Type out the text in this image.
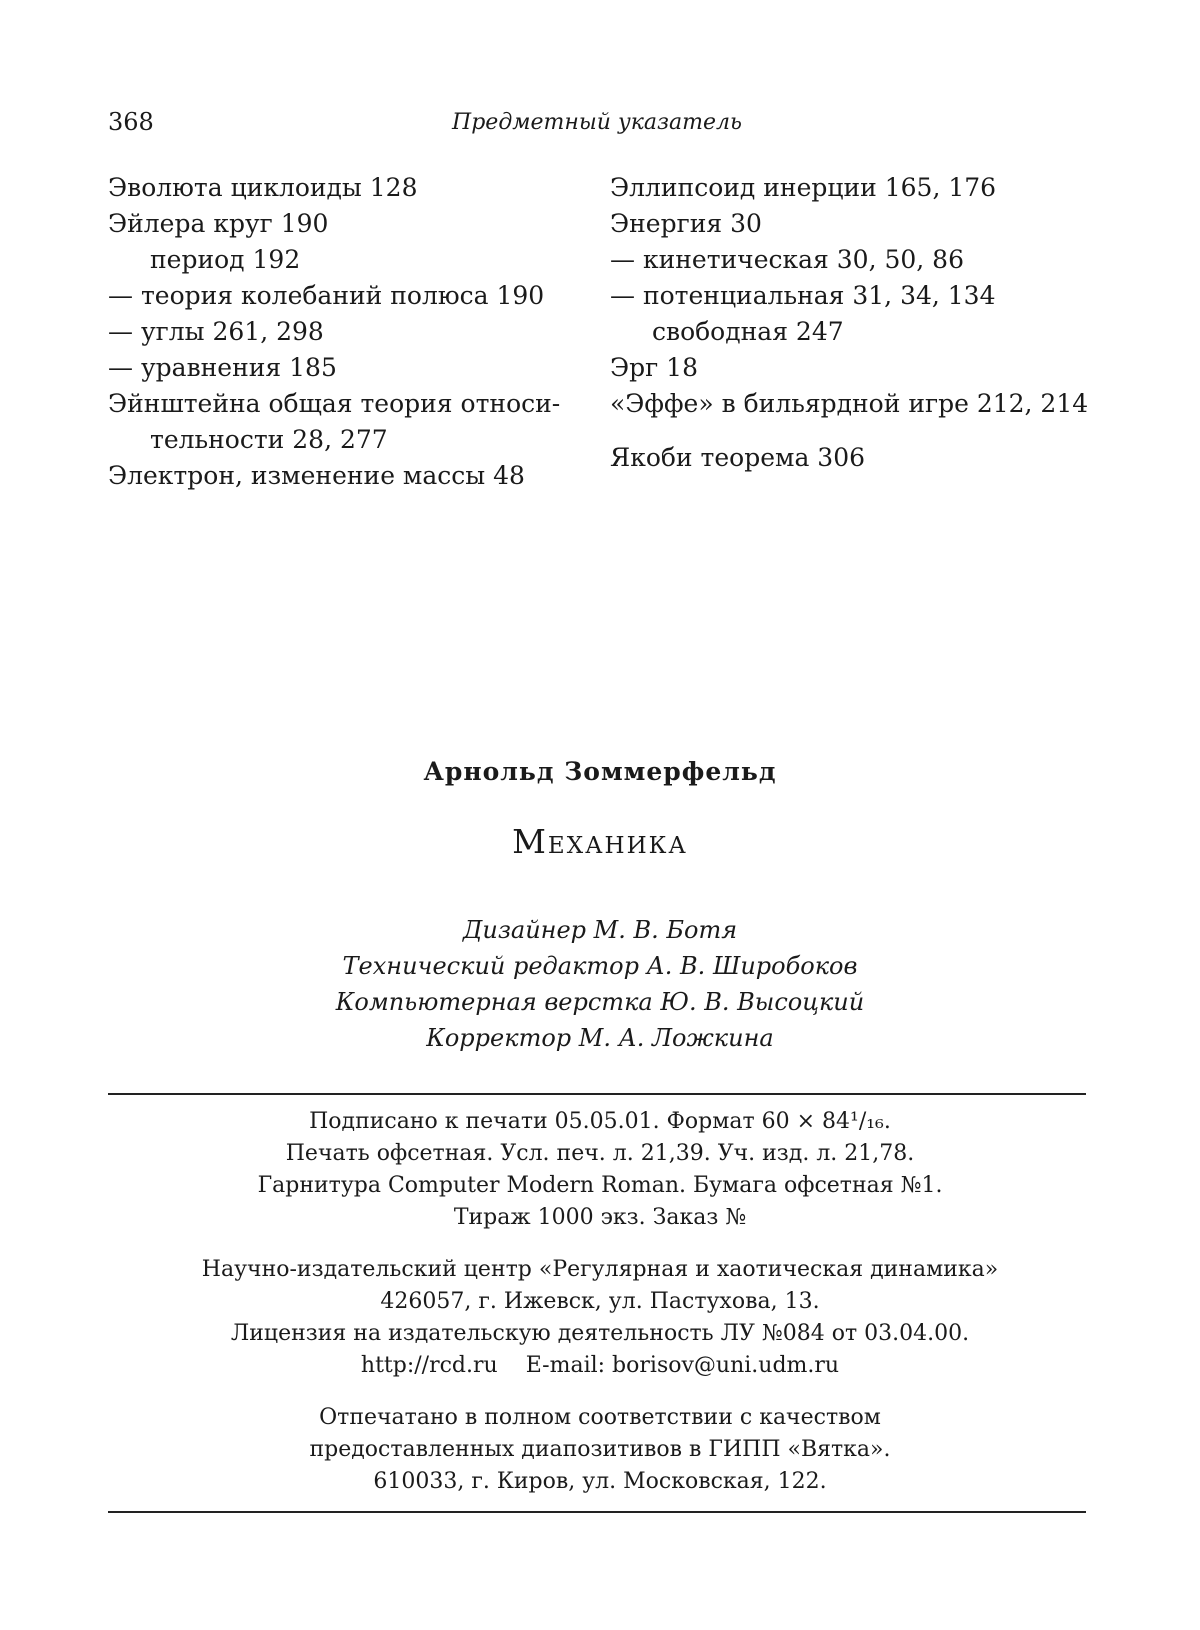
368	Предметный указатель
Эволюта циклоиды 128
Эйлера круг 190
период 192
— теория колебаний полюса 190
— углы 261, 298
— уравнения 185
Эйнштейна общая теория относи-
тельности 28, 277
Электрон, изменение массы 48
Эллипсоид инерции 165, 176
Энергия 30
— кинетическая 30, 50, 86
— потенциальная 31, 34, 134
свободная 247
Эрг 18
«Эффе» в бильярдной игре 212, 214
Якоби теорема 306
Арнольд Зоммерфельд
Механика
Дизайнер М. В. Ботя
Технический редактор А. В. Широбоков
Компьютерная верстка Ю. В. Высоцкий
Корректор М. А. Ложкина
Подписано к печати 05.05.01. Формат 60 × 84¹/₁₆.
Печать офсетная. Усл. печ. л. 21,39. Уч. изд. л. 21,78.
Гарнитура Computer Modern Roman. Бумага офсетная №1.
Тираж 1000 экз. Заказ №
Научно-издательский центр «Регулярная и хаотическая динамика»
426057, г. Ижевск, ул. Пастухова, 13.
Лицензия на издательскую деятельность ЛУ №084 от 03.04.00.
http://rcd.ru E-mail: borisov@uni.udm.ru
Отпечатано в полном соответствии с качеством
предоставленных диапозитивов в ГИПП «Вятка».
610033, г. Киров, ул. Московская, 122.
